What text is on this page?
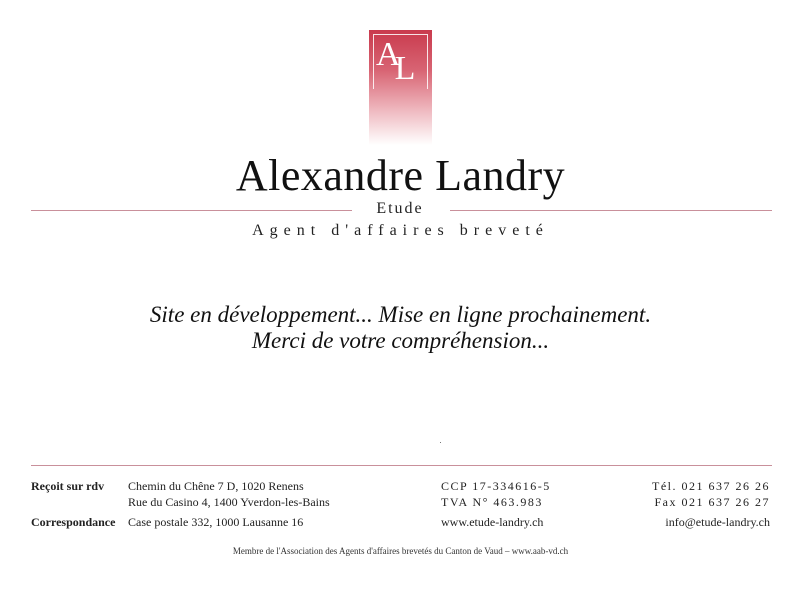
AL
Alexandre Landry
Etude
Agent d'affaires breveté
Site en développement... Mise en ligne prochainement.
Merci de votre compréhension...
Reçoit sur rdv Chemin du Chêne 7 D, 1020 Renens
Rue du Casino 4, 1400 Yverdon-les-Bains
Correspondance Case postale 332, 1000 Lausanne 16
CCP 17-334616-5
TVA N° 463.983
www.etude-landry.ch
Tél. 021 637 26 26
Fax 021 637 26 27
info@etude-landry.ch
Membre de l'Association des Agents d'affaires brevetés du Canton de Vaud – www.aab-vd.ch
